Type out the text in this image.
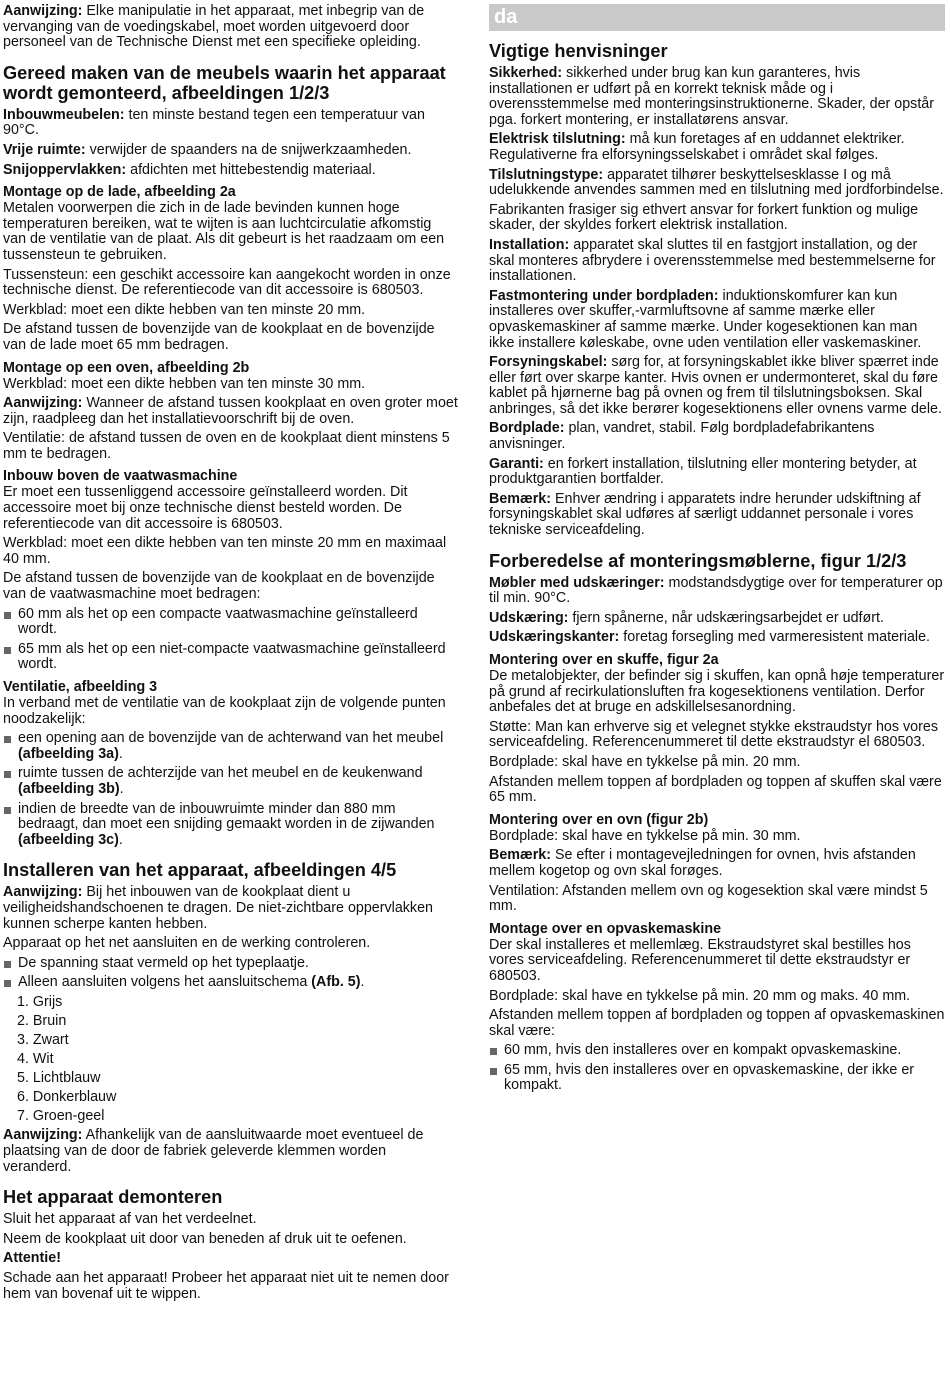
Aanwijzing: Elke manipulatie in het apparaat, met inbegrip van de vervanging van de voedingskabel, moet worden uitgevoerd door personeel van de Technische Dienst met een specifieke opleiding.

Gereed maken van de meubels waarin het apparaat wordt gemonteerd, afbeeldingen 1/2/3

Inbouwmeubelen: ten minste bestand tegen een temperatuur van 90°C.

Vrije ruimte: verwijder de spaanders na de snijwerkzaamheden.

Snijoppervlakken: afdichten met hittebestendig materiaal.

Montage op de lade, afbeelding 2a

Metalen voorwerpen die zich in de lade bevinden kunnen hoge temperaturen bereiken, wat te wijten is aan luchtcirculatie afkomstig van de ventilatie van de plaat. Als dit gebeurt is het raadzaam om een tussensteun te gebruiken.

Tussensteun: een geschikt accessoire kan aangekocht worden in onze technische dienst. De referentiecode van dit accessoire is 680503.

Werkblad: moet een dikte hebben van ten minste 20 mm.

De afstand tussen de bovenzijde van de kookplaat en de bovenzijde van de lade moet 65 mm bedragen.

Montage op een oven, afbeelding 2b

Werkblad: moet een dikte hebben van ten minste 30 mm.

Aanwijzing: Wanneer de afstand tussen kookplaat en oven groter moet zijn, raadpleeg dan het installatievoorschrift bij de oven.

Ventilatie: de afstand tussen de oven en de kookplaat dient minstens 5 mm te bedragen.

Inbouw boven de vaatwasmachine

Er moet een tussenliggend accessoire geïnstalleerd worden. Dit accessoire moet bij onze technische dienst besteld worden. De referentiecode van dit accessoire is 680503.

Werkblad: moet een dikte hebben van ten minste 20 mm en maximaal 40 mm.

De afstand tussen de bovenzijde van de kookplaat en de bovenzijde van de vaatwasmachine moet bedragen:

60 mm als het op een compacte vaatwasmachine geïnstalleerd wordt.
65 mm als het op een niet-compacte vaatwasmachine geïnstalleerd wordt.
Ventilatie, afbeelding 3

In verband met de ventilatie van de kookplaat zijn de volgende punten noodzakelijk:

een opening aan de bovenzijde van de achterwand van het meubel (afbeelding 3a).
ruimte tussen de achterzijde van het meubel en de keukenwand (afbeelding 3b).
indien de breedte van de inbouwruimte minder dan 880 mm bedraagt, dan moet een snijding gemaakt worden in de zijwanden (afbeelding 3c).
Installeren van het apparaat, afbeeldingen 4/5

Aanwijzing: Bij het inbouwen van de kookplaat dient u veiligheidshandschoenen te dragen. De niet-zichtbare oppervlakken kunnen scherpe kanten hebben.

Apparaat op het net aansluiten en de werking controleren.

De spanning staat vermeld op het typeplaatje.
Alleen aansluiten volgens het aansluitschema (Afb. 5).
1. Grijs
2. Bruin
3. Zwart
4. Wit
5. Lichtblauw
6. Donkerblauw
7. Groen-geel

Aanwijzing: Afhankelijk van de aansluitwaarde moet eventueel de plaatsing van de door de fabriek geleverde klemmen worden veranderd.

Het apparaat demonteren

Sluit het apparaat af van het verdeelnet.

Neem de kookplaat uit door van beneden af druk uit te oefenen.

Attentie!

Schade aan het apparaat! Probeer het apparaat niet uit te nemen door hem van bovenaf uit te wippen.

da
Vigtige henvisninger

Sikkerhed: sikkerhed under brug kan kun garanteres, hvis installationen er udført på en korrekt teknisk måde og i overensstemmelse med monteringsinstruktionerne. Skader, der opstår pga. forkert montering, er installatørens ansvar.

Elektrisk tilslutning: må kun foretages af en uddannet elektriker. Regulativerne fra elforsyningsselskabet i området skal følges.

Tilslutningstype: apparatet tilhører beskyttelsesklasse I og må udelukkende anvendes sammen med en tilslutning med jordforbindelse.

Fabrikanten frasiger sig ethvert ansvar for forkert funktion og mulige skader, der skyldes forkert elektrisk installation.

Installation: apparatet skal sluttes til en fastgjort installation, og der skal monteres afbrydere i overensstemmelse med bestemmelserne for installationen.

Fastmontering under bordpladen: induktionskomfurer kan kun installeres over skuffer,-varmluftsovne af samme mærke eller opvaskemaskiner af samme mærke. Under kogesektionen kan man ikke installere køleskabe, ovne uden ventilation eller vaskemaskiner.

Forsyningskabel: sørg for, at forsyningskablet ikke bliver spærret inde eller ført over skarpe kanter. Hvis ovnen er undermonteret, skal du føre kablet på hjørnerne bag på ovnen og frem til tilslutningsboksen. Skal anbringes, så det ikke berører kogesektionens eller ovnens varme dele.

Bordplade: plan, vandret, stabil. Følg bordpladefabrikantens anvisninger.

Garanti: en forkert installation, tilslutning eller montering betyder, at produktgarantien bortfalder.

Bemærk: Enhver ændring i apparatets indre herunder udskiftning af forsyningskablet skal udføres af særligt uddannet personale i vores tekniske serviceafdeling.

Forberedelse af monteringsmøblerne, figur 1/2/3

Møbler med udskæringer: modstandsdygtige over for temperaturer op til min. 90°C.

Udskæring: fjern spånerne, når udskæringsarbejdet er udført.

Udskæringskanter: foretag forsegling med varmeresistent materiale.

Montering over en skuffe, figur 2a

De metalobjekter, der befinder sig i skuffen, kan opnå høje temperaturer på grund af recirkulationsluften fra kogesektionens ventilation. Derfor anbefales det at bruge en adskillelsesanordning.

Støtte: Man kan erhverve sig et velegnet stykke ekstraudstyr hos vores serviceafdeling. Referencenummeret til dette ekstraudstyr el 680503.

Bordplade: skal have en tykkelse på min. 20 mm.

Afstanden mellem toppen af bordpladen og toppen af skuffen skal være 65 mm.

Montering over en ovn (figur 2b)

Bordplade: skal have en tykkelse på min. 30 mm.

Bemærk: Se efter i montagevejledningen for ovnen, hvis afstanden mellem kogetop og ovn skal forøges.

Ventilation: Afstanden mellem ovn og kogesektion skal være mindst 5 mm.

Montage over en opvaskemaskine

Der skal installeres et mellemlæg. Ekstraudstyret skal bestilles hos vores serviceafdeling. Referencenummeret til dette ekstraudstyr er 680503.

Bordplade: skal have en tykkelse på min. 20 mm og maks. 40 mm.

Afstanden mellem toppen af bordpladen og toppen af opvaskemaskinen skal være:

60 mm, hvis den installeres over en kompakt opvaskemaskine.
65 mm, hvis den installeres over en opvaskemaskine, der ikke er kompakt.
